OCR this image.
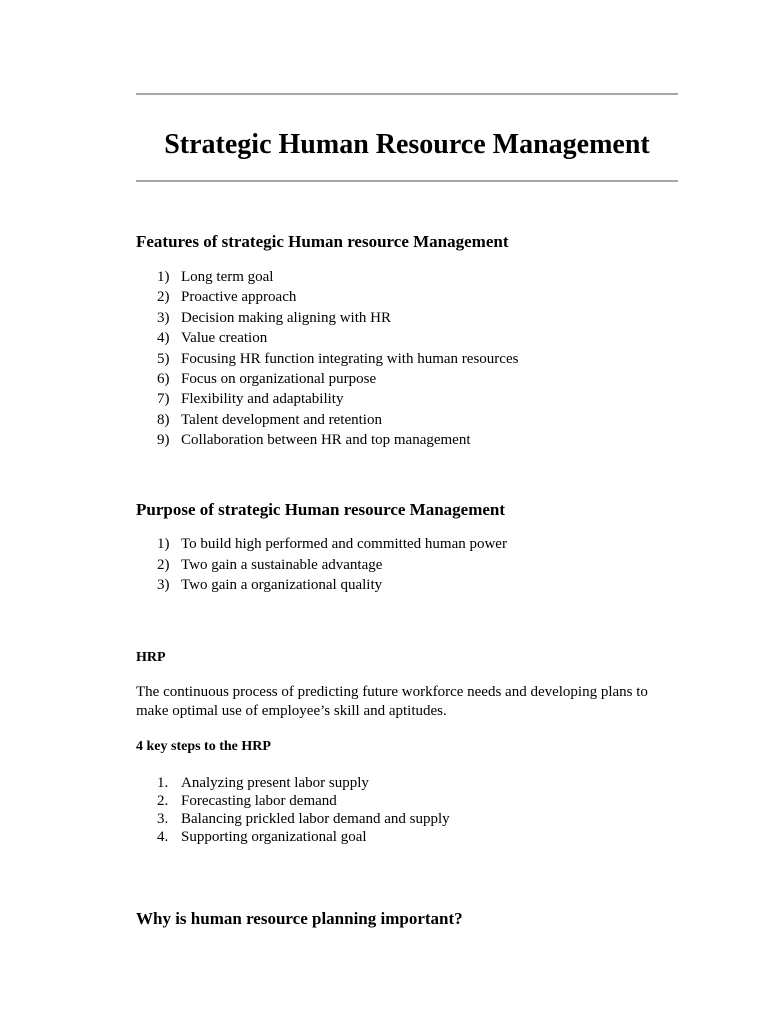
Strategic Human Resource Management
Features of strategic Human resource Management
1) Long term goal
2) Proactive approach
3) Decision making aligning with HR
4) Value creation
5) Focusing HR function integrating with human resources
6) Focus on organizational purpose
7) Flexibility and adaptability
8) Talent development and retention
9) Collaboration between HR and top management
Purpose of strategic Human resource Management
1) To build high performed and committed human power
2) Two gain a sustainable advantage
3) Two gain a organizational quality
HRP

The continuous process of predicting future workforce needs and developing plans to make optimal use of employee’s skill and aptitudes.

4 key steps to the HRP
1. Analyzing present labor supply
2. Forecasting labor demand
3. Balancing prickled labor demand and supply
4. Supporting organizational goal
Why is human resource planning important?
